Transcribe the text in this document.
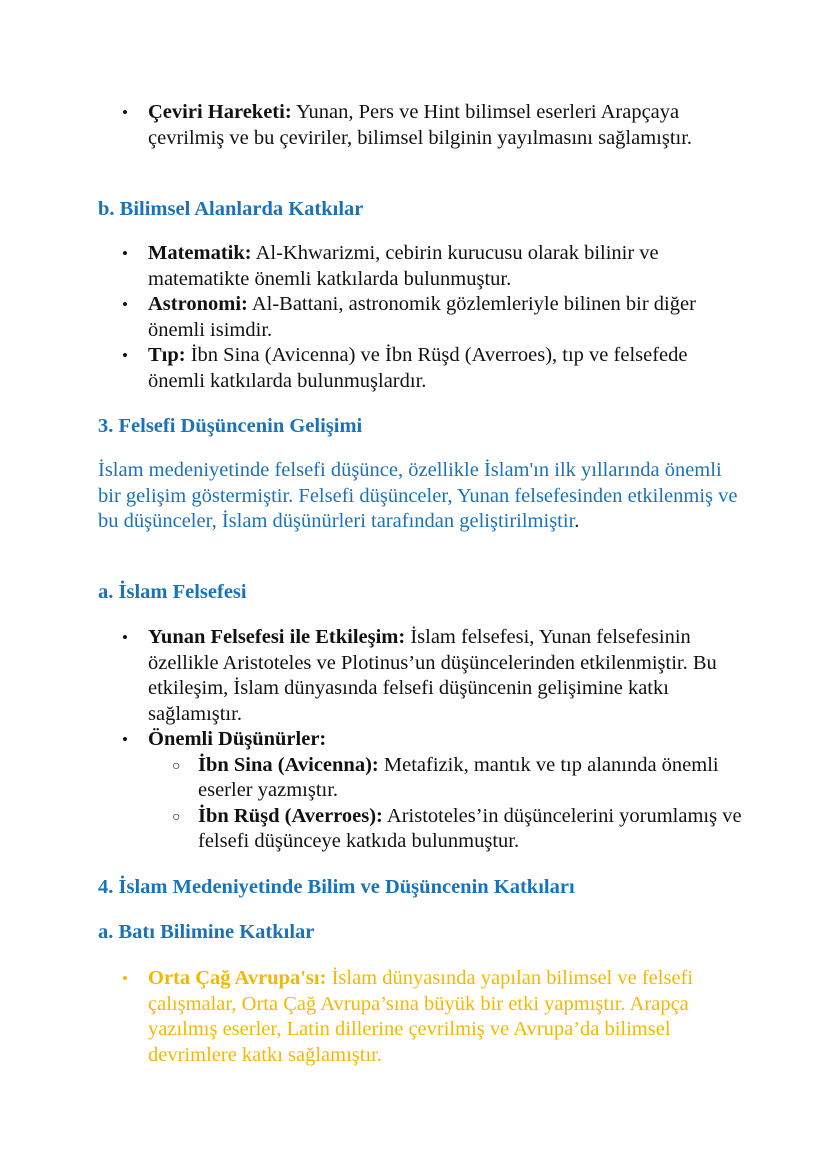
• Çeviri Hareketi: Yunan, Pers ve Hint bilimsel eserleri Arapçaya çevrilmiş ve bu çeviriler, bilimsel bilginin yayılmasını sağlamıştır.
b. Bilimsel Alanlarda Katkılar
• Matematik: Al-Khwarizmi, cebirin kurucusu olarak bilinir ve matematikte önemli katkılarda bulunmuştur.
• Astronomi: Al-Battani, astronomik gözlemleriyle bilinen bir diğer önemli isimdir.
• Tıp: İbn Sina (Avicenna) ve İbn Rüşd (Averroes), tıp ve felsefede önemli katkılarda bulunmuşlardır.
3. Felsefi Düşüncenin Gelişimi
İslam medeniyetinde felsefi düşünce, özellikle İslam'ın ilk yıllarında önemli bir gelişim göstermiştir. Felsefi düşünceler, Yunan felsefesinden etkilenmiş ve bu düşünceler, İslam düşünürleri tarafından geliştirilmiştir.
a. İslam Felsefesi
• Yunan Felsefesi ile Etkileşim: İslam felsefesi, Yunan felsefesinin özellikle Aristoteles ve Plotinus’un düşüncelerinden etkilenmiştir. Bu etkileşim, İslam dünyasında felsefi düşüncenin gelişimine katkı sağlamıştır.
• Önemli Düşünürler:
○ İbn Sina (Avicenna): Metafizik, mantık ve tıp alanında önemli eserler yazmıştır.
○ İbn Rüşd (Averroes): Aristoteles’in düşüncelerini yorumlamış ve felsefi düşünceye katkıda bulunmuştur.
4. İslam Medeniyetinde Bilim ve Düşüncenin Katkıları
a. Batı Bilimine Katkılar
• Orta Çağ Avrupa'sı: İslam dünyasında yapılan bilimsel ve felsefi çalışmalar, Orta Çağ Avrupa’sına büyük bir etki yapmıştır. Arapça yazılmış eserler, Latin dillerine çevrilmiş ve Avrupa’da bilimsel devrimlere katkı sağlamıştır.
